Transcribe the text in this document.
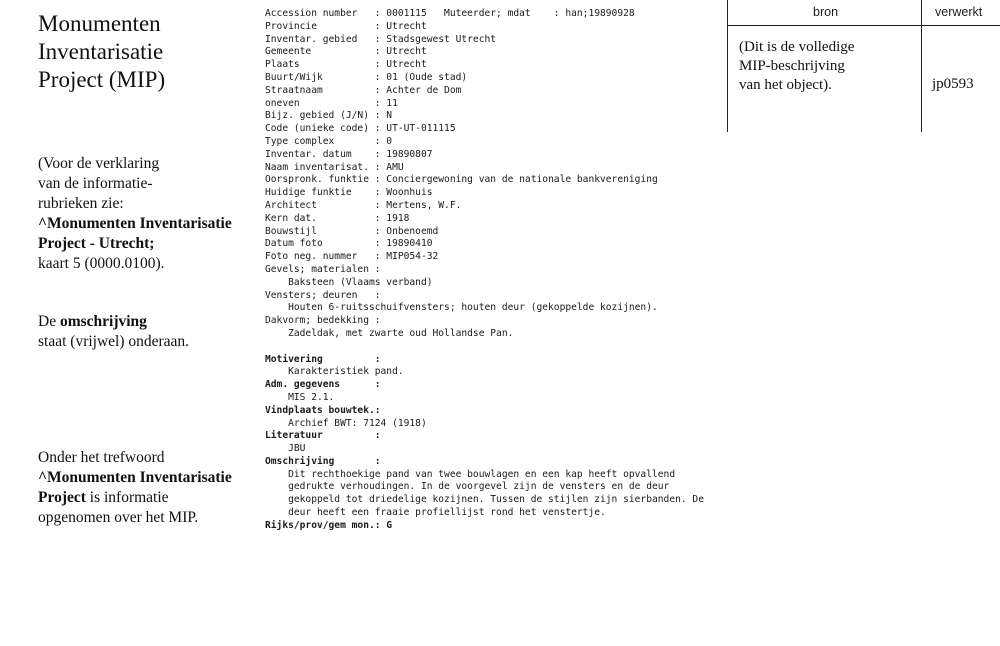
Monumenten
Inventarisatie
Project (MIP)
(Voor de verklaring
van de informatie-
rubrieken zie:
^Monumenten Inventarisatie
Project - Utrecht;
kaart 5 (0000.0100).
De omschrijving
staat (vrijwel) onderaan.
Onder het trefwoord
^Monumenten Inventarisatie
Project is informatie
opgenomen over het MIP.
Accession number   : 0001115   Muteerder; mdat    : han;19890928
Provincie          : Utrecht
Inventar. gebied   : Stadsgewest Utrecht
Gemeente           : Utrecht
Plaats             : Utrecht
Buurt/Wijk         : 01 (Oude stad)
Straatnaam         : Achter de Dom
oneven             : 11
Bijz. gebied (J/N) : N
Code (unieke code) : UT-UT-011115
Type complex       : 0
Inventar. datum    : 19890807
Naam inventarisat. : AMU
Oorspronk. funktie : Conciergewoning van de nationale bankvereniging
Huidige funktie    : Woonhuis
Architect          : Mertens, W.F.
Kern dat.          : 1918
Bouwstijl          : Onbenoemd
Datum foto         : 19890410
Foto neg. nummer   : MIP054-32
Gevels; materialen :
Baksteen (Vlaams verband)
Vensters; deuren   :
Houten 6-ruitsschuifvensters; houten deur (gekoppelde kozijnen).
Dakvorm; bedekking :
Zadeldak, met zwarte oud Hollandse Pan.
Motivering         :
Karakteristiek pand.
Adm. gegevens      :
MIS 2.1.
Vindplaats bouwtek.:
Archief BWT: 7124 (1918)
Literatuur         :
JBU
Omschrijving       :
Dit rechthoekige pand van twee bouwlagen en een kap heeft opvallend
gedrukte verhoudingen. In de voorgevel zijn de vensters en de deur
gekoppeld tot driedelige kozijnen. Tussen de stijlen zijn sierbanden. De
deur heeft een fraaie profiellijst rond het venstertje.
Rijks/prov/gem mon.: G
bron	verwerkt
(Dit is de volledige
MIP-beschrijving
van het object).	jp0593
